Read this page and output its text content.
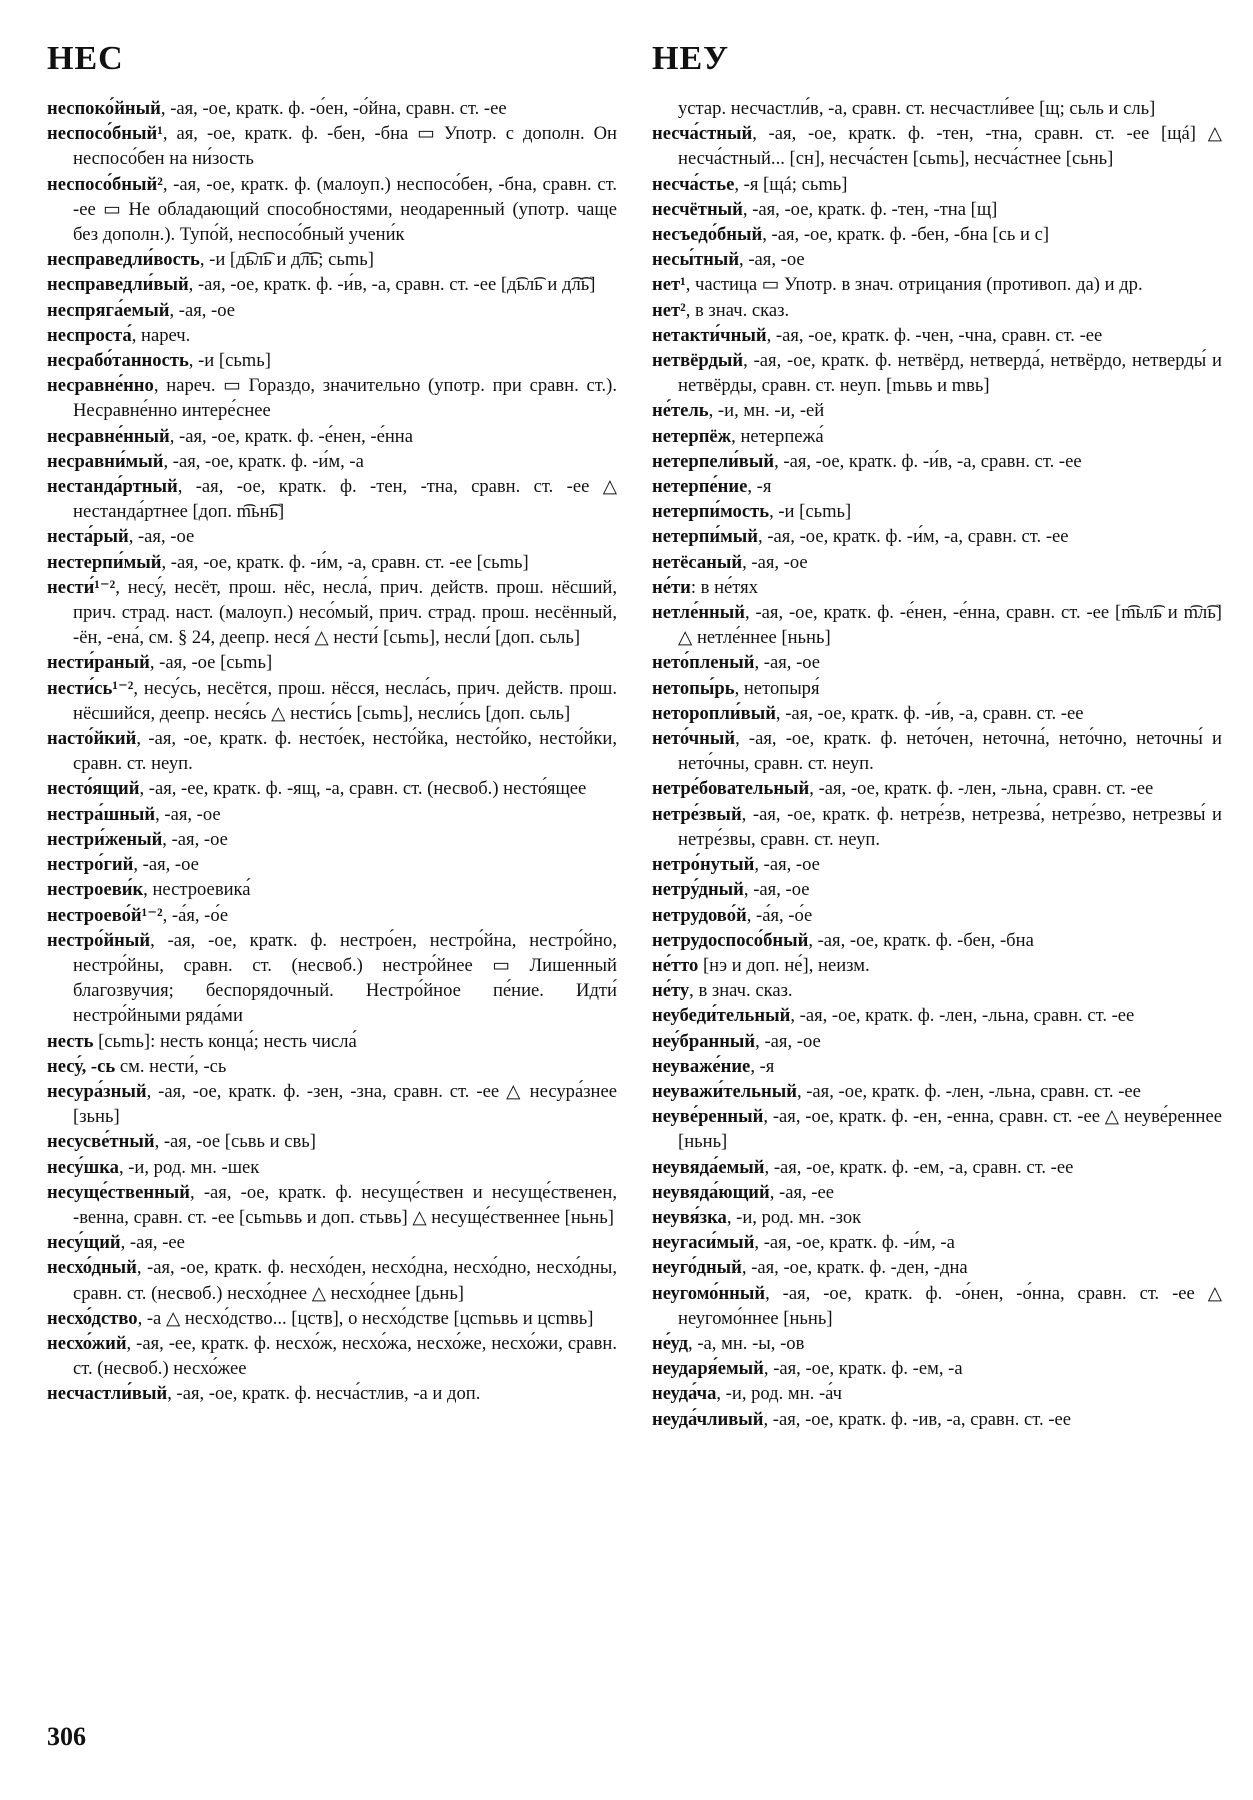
НЕС	НЕУ

неспоко́йный, -ая, -ое, кратк. ф. -о́ен, -о́йна, сравн. ст. -ее

неспосо́бный¹, ая, -ое, кратк. ф. -бен, -бна ▭ Употр. с дополн. Он неспосо́бен на ни́зость

неспосо́бный², -ая, -ое, кратк. ф. (малоуп.) неспосо́бен, -бна, сравн. ст. -ее ▭ Не обладающий способностями, неодаренный (употр. чаще без дополн.). Тупо́й, неспосо́бный учени́к

несправедли́вость, -и [д͡ьл͡ь и д͡л͡ь; сьmь]

несправедли́вый, -ая, -ое, кратк. ф. -и́в, -а, сравн. ст. -ее [д͡ьл͡ь и д͡л͡ь]

неспряга́емый, -ая, -ое

неспроста́, нареч.

несрабо́танность, -и [сьmь]

несравне́нно, нареч. ▭ Гораздо, значительно (употр. при сравн. ст.). Несравне́нно интере́снее

несравне́нный, -ая, -ое, кратк. ф. -е́нен, -е́нна

несравни́мый, -ая, -ое, кратк. ф. -и́м, -а

нестанда́ртный, -ая, -ое, кратк. ф. -тен, -тна, сравн. ст. -ее △ нестанда́ртнее [доп. m͡ьн͡ь]

неста́рый, -ая, -ое

нестерпи́мый, -ая, -ое, кратк. ф. -и́м, -а, сравн. ст. -ее [сьmь]

нести́¹⁻², несу́, несёт, прош. нёс, несла́, прич. действ. прош. нёсший, прич. страд. наст. (малоуп.) несо́мый, прич. страд. прош. несённый, -ён, -ена́, см. § 24, деепр. неся́ △ нести́ [сьmь], несли́ [доп. сьль]

нести́раный, -ая, -ое [сьmь]

нести́сь¹⁻², несу́сь, несётся, прош. нёсся, несла́сь, прич. действ. прош. нёсшийся, деепр. неся́сь △ нести́сь [сьmь], несли́сь [доп. сьль]

насто́йкий, -ая, -ое, кратк. ф. несто́ек, несто́йка, несто́йко, несто́йки, сравн. ст. неуп.

несто́ящий, -ая, -ее, кратк. ф. -ящ, -а, сравн. ст. (несвоб.) несто́ящее

нестра́шный, -ая, -ое

нестри́женый, -ая, -ое

нестро́гий, -ая, -ое

нестроеви́к, нестроевика́

нестроево́й¹⁻², -а́я, -о́е

нестро́йный, -ая, -ое, кратк. ф. нестро́ен, нестро́йна, нестро́йно, нестро́йны, сравн. ст. (несвоб.) нестро́йнее ▭ Лишенный благозвучия; беспорядочный. Нестро́йное пе́ние. Идти́ нестро́йными ряда́ми

несть [сьmь]: несть конца́; несть числа́

несу́, -сь см. нести́, -сь

несура́зный, -ая, -ое, кратк. ф. -зен, -зна, сравн. ст. -ее △ несура́знее [зьнь]

несусве́тный, -ая, -ое [сьвь и свь]

несу́шка, -и, род. мн. -шек

несуще́ственный, -ая, -ое, кратк. ф. несуще́ствен и несуще́ственен, -венна, сравн. ст. -ее [сьmьвь и доп. стьвь] △ несуще́ственнее [ньнь]

несу́щий, -ая, -ее

несхо́дный, -ая, -ое, кратк. ф. несхо́ден, несхо́дна, несхо́дно, несхо́дны, сравн. ст. (несвоб.) несхо́днее △ несхо́днее [дьнь]

несхо́дство, -а △ несхо́дство... [цств], о несхо́дстве [цсmьвь и цсmвь]

несхо́жий, -ая, -ее, кратк. ф. несхо́ж, несхо́жа, несхо́же, несхо́жи, сравн. ст. (несвоб.) несхо́жее

несчастли́вый, -ая, -ое, кратк. ф. несча́стлив, -а и доп.

устар. несчастли́в, -а, сравн. ст. несчастли́вее [щ; сьль и сль]

несча́стный, -ая, -ое, кратк. ф. -тен, -тна, сравн. ст. -ее [щá] △ несча́стный... [сн], несча́стен [сьmь], несча́стнее [сьнь]

несча́стье, -я [щá; сьmь]

несчётный, -ая, -ое, кратк. ф. -тен, -тна [щ]

несъедо́бный, -ая, -ое, кратк. ф. -бен, -бна [сь и с]

несы́тный, -ая, -ое

нет¹, частица ▭ Употр. в знач. отрицания (противоп. да) и др.

нет², в знач. сказ.

нетакти́чный, -ая, -ое, кратк. ф. -чен, -чна, сравн. ст. -ее

нетвёрдый, -ая, -ое, кратк. ф. нетвёрд, нетверда́, нетвёрдо, нетверды́ и нетвёрды, сравн. ст. неуп. [mьвь и mвь]

не́тель, -и, мн. -и, -ей

нетерпёж, нетерпежа́

нетерпели́вый, -ая, -ое, кратк. ф. -и́в, -а, сравн. ст. -ее

нетерпе́ние, -я

нетерпи́мость, -и [сьmь]

нетерпи́мый, -ая, -ое, кратк. ф. -и́м, -а, сравн. ст. -ее

нетёсаный, -ая, -ое

не́ти: в не́тях

нетле́нный, -ая, -ое, кратк. ф. -е́нен, -е́нна, сравн. ст. -ее [m͡ьл͡ь и m͡л͡ь] △ нетле́ннее [ньнь]

нето́пленый, -ая, -ое

нетопы́рь, нетопыря́

неторопли́вый, -ая, -ое, кратк. ф. -и́в, -а, сравн. ст. -ее

нето́чный, -ая, -ое, кратк. ф. нето́чен, неточна́, нето́чно, неточны́ и нето́чны, сравн. ст. неуп.

нетре́бовательный, -ая, -ое, кратк. ф. -лен, -льна, сравн. ст. -ее

нетре́звый, -ая, -ое, кратк. ф. нетре́зв, нетрезва́, нетре́зво, нетрезвы́ и нетре́звы, сравн. ст. неуп.

нетро́нутый, -ая, -ое

нетру́дный, -ая, -ое

нетрудово́й, -а́я, -о́е

нетрудоспосо́бный, -ая, -ое, кратк. ф. -бен, -бна

не́тто [нэ и доп. не́], неизм.

не́ту, в знач. сказ.

неубеди́тельный, -ая, -ое, кратк. ф. -лен, -льна, сравн. ст. -ее

неу́бранный, -ая, -ое

неуваже́ние, -я

неуважи́тельный, -ая, -ое, кратк. ф. -лен, -льна, сравн. ст. -ее

неуве́ренный, -ая, -ое, кратк. ф. -ен, -енна, сравн. ст. -ее △ неуве́реннее [ньнь]

неувяда́емый, -ая, -ое, кратк. ф. -ем, -а, сравн. ст. -ее

неувяда́ющий, -ая, -ее

неувя́зка, -и, род. мн. -зок

неугаси́мый, -ая, -ое, кратк. ф. -и́м, -а

неуго́дный, -ая, -ое, кратк. ф. -ден, -дна

неугомо́нный, -ая, -ое, кратк. ф. -о́нен, -о́нна, сравн. ст. -ее △ неугомо́ннее [ньнь]

не́уд, -а, мн. -ы, -ов

неудаpя́емый, -ая, -ое, кратк. ф. -ем, -а

неуда́ча, -и, род. мн. -а́ч

неуда́чливый, -ая, -ое, кратк. ф. -ив, -а, сравн. ст. -ее

306
